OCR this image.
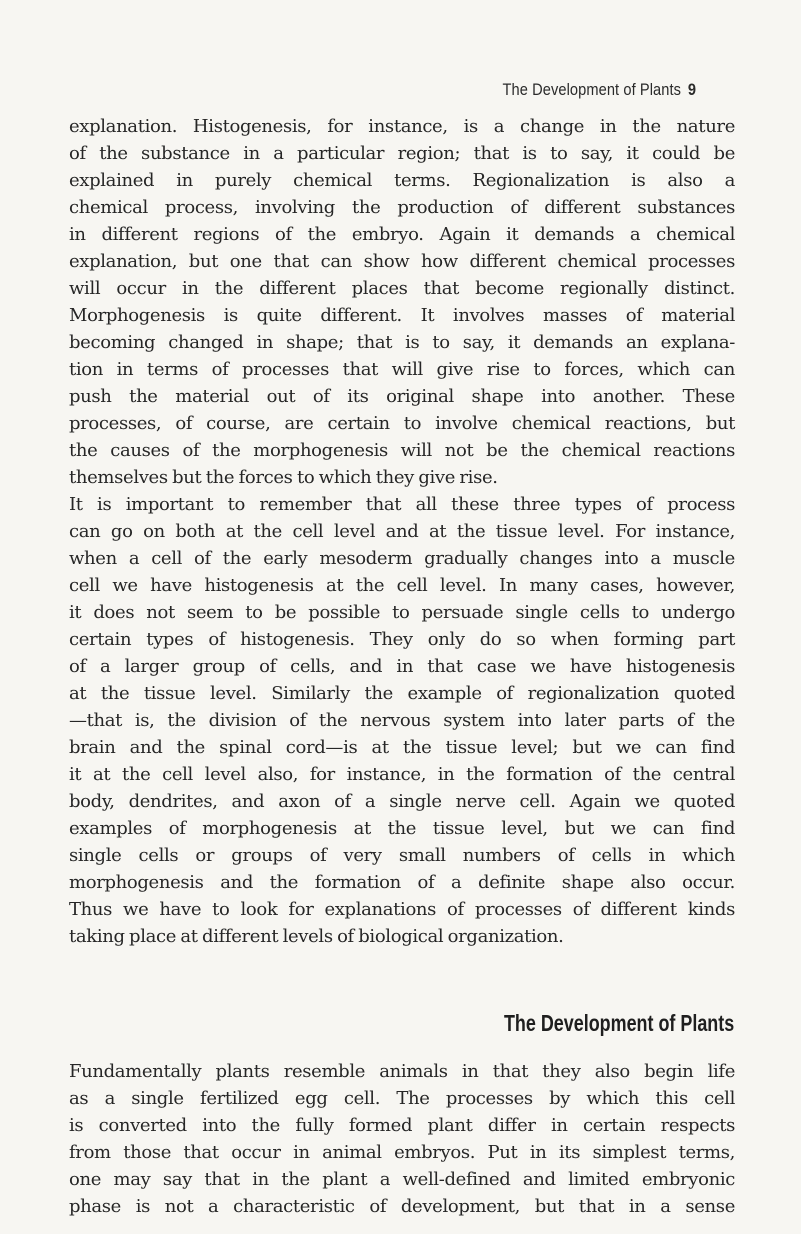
The Development of Plants 9
explanation. Histogenesis, for instance, is a change in the nature
of the substance in a particular region; that is to say, it could be
explained in purely chemical terms. Regionalization is also a
chemical process, involving the production of different substances
in different regions of the embryo. Again it demands a chemical
explanation, but one that can show how different chemical processes
will occur in the different places that become regionally distinct.
Morphogenesis is quite different. It involves masses of material
becoming changed in shape; that is to say, it demands an explana-
tion in terms of processes that will give rise to forces, which can
push the material out of its original shape into another. These
processes, of course, are certain to involve chemical reactions, but
the causes of the morphogenesis will not be the chemical reactions
themselves but the forces to which they give rise.
It is important to remember that all these three types of process
can go on both at the cell level and at the tissue level. For instance,
when a cell of the early mesoderm gradually changes into a muscle
cell we have histogenesis at the cell level. In many cases, however,
it does not seem to be possible to persuade single cells to undergo
certain types of histogenesis. They only do so when forming part
of a larger group of cells, and in that case we have histogenesis
at the tissue level. Similarly the example of regionalization quoted
—that is, the division of the nervous system into later parts of the
brain and the spinal cord—is at the tissue level; but we can find
it at the cell level also, for instance, in the formation of the central
body, dendrites, and axon of a single nerve cell. Again we quoted
examples of morphogenesis at the tissue level, but we can find
single cells or groups of very small numbers of cells in which
morphogenesis and the formation of a definite shape also occur.
Thus we have to look for explanations of processes of different kinds
taking place at different levels of biological organization.
The Development of Plants
Fundamentally plants resemble animals in that they also begin life
as a single fertilized egg cell. The processes by which this cell
is converted into the fully formed plant differ in certain respects
from those that occur in animal embryos. Put in its simplest terms,
one may say that in the plant a well-defined and limited embryonic
phase is not a characteristic of development, but that in a sense
